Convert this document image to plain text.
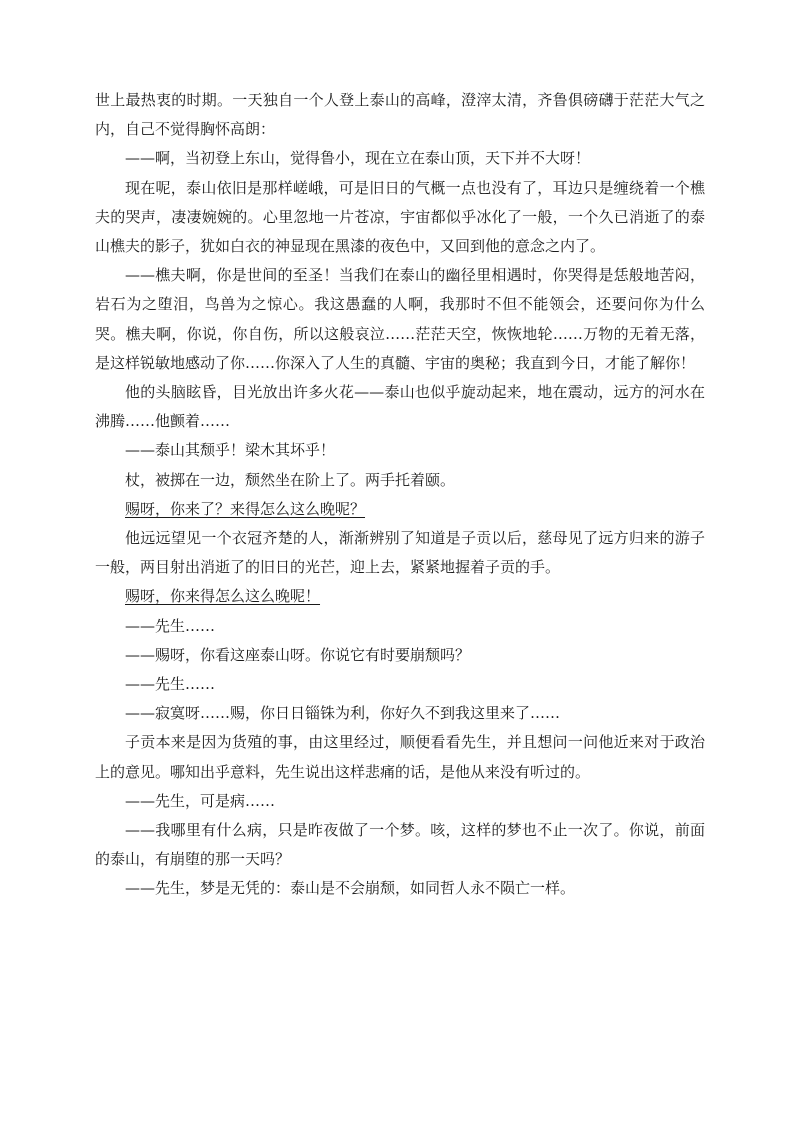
世上最热衷的时期。一天独自一个人登上泰山的高峰，澄滓太清，齐鲁俱磅礴于茫茫大气之内，自己不觉得胸怀高朗：

——啊，当初登上东山，觉得鲁小，现在立在泰山顶，天下并不大呀！

现在呢，泰山依旧是那样嵯峨，可是旧日的气概一点也没有了，耳边只是缠绕着一个樵夫的哭声，凄凄婉婉的。心里忽地一片苍凉，宇宙都似乎冰化了一般，一个久已消逝了的泰山樵夫的影子，犹如白衣的神显现在黑漆的夜色中，又回到他的意念之内了。

——樵夫啊，你是世间的至圣！当我们在泰山的幽径里相遇时，你哭得是恁般地苦闷，岩石为之堕泪，鸟兽为之惊心。我这愚蠢的人啊，我那时不但不能领会，还要问你为什么哭。樵夫啊，你说，你自伤，所以这般哀泣……茫茫天空，恢恢地轮……万物的无着无落，是这样锐敏地感动了你……你深入了人生的真髓、宇宙的奥秘；我直到今日，才能了解你！

他的头脑眩昏，目光放出许多火花——泰山也似乎旋动起来，地在震动，远方的河水在沸腾……他颤着……

——泰山其颓乎！梁木其坏乎！

杖，被掷在一边，颓然坐在阶上了。两手托着颐。

赐呀，你来了？来得怎么这么晚呢？

他远远望见一个衣冠齐楚的人，渐渐辨别了知道是子贡以后，慈母见了远方归来的游子一般，两目射出消逝了的旧日的光芒，迎上去，紧紧地握着子贡的手。

赐呀，你来得怎么这么晚呢！

——先生……

——赐呀，你看这座泰山呀。你说它有时要崩颓吗？

——先生……

——寂寞呀……赐，你日日锱铢为利，你好久不到我这里来了……

子贡本来是因为货殖的事，由这里经过，顺便看看先生，并且想问一问他近来对于政治上的意见。哪知出乎意料，先生说出这样悲痛的话，是他从来没有听过的。

——先生，可是病……

——我哪里有什么病，只是昨夜做了一个梦。咳，这样的梦也不止一次了。你说，前面的泰山，有崩堕的那一天吗？

——先生，梦是无凭的：泰山是不会崩颓，如同哲人永不陨亡一样。
